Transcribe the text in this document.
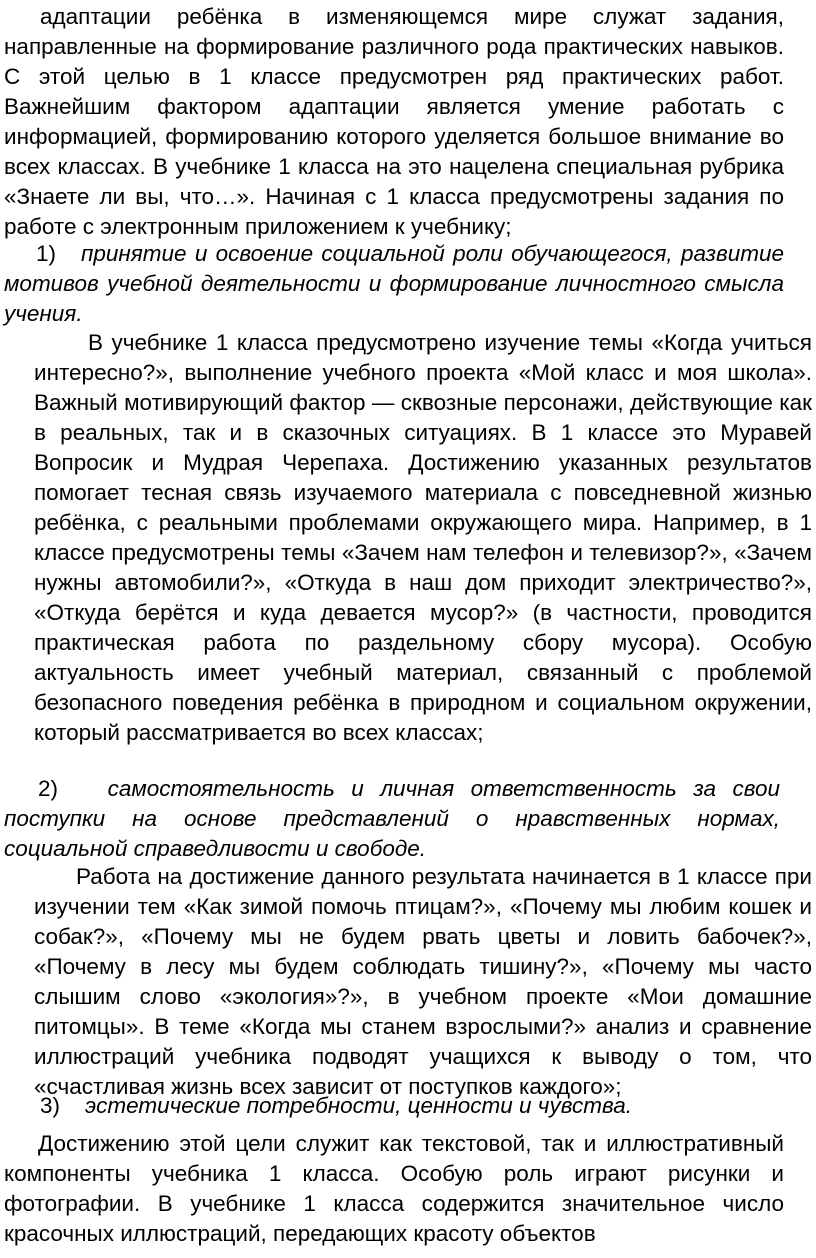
адаптации ребёнка в изменяющемся мире служат задания, направленные на формирование различного рода практических навыков. С этой целью в 1 классе предусмотрен ряд практических работ. Важнейшим фактором адаптации является умение работать с информацией, формированию которого уделяется большое внимание во всех классах. В учебнике 1 класса на это нацелена специальная рубрика «Знаете ли вы, что…». Начиная с 1 класса предусмотрены задания по работе с электронным приложением к учебнику;

1) принятие и освоение социальной роли обучающегося, развитие мотивов учебной деятельности и формирование личностного смысла учения.

В учебнике 1 класса предусмотрено изучение темы «Когда учиться интересно?», выполнение учебного проекта «Мой класс и моя школа». Важный мотивирующий фактор — сквозные персонажи, действующие как в реальных, так и в сказочных ситуациях. В 1 классе это Муравей Вопросик и Мудрая Черепаха. Достижению указанных результатов помогает тесная связь изучаемого материала с повседневной жизнью ребёнка, с реальными проблемами окружающего мира. Например, в 1 классе предусмотрены темы «Зачем нам телефон и телевизор?», «Зачем нужны автомобили?», «Откуда в наш дом приходит электричество?», «Откуда берётся и куда девается мусор?» (в частности, проводится практическая работа по раздельному сбору мусора). Особую актуальность имеет учебный материал, связанный с проблемой безопасного поведения ребёнка в природном и социальном окружении, который рассматривается во всех классах;

2) самостоятельность и личная ответственность за свои поступки на основе представлений о нравственных нормах, социальной справедливости и свободе.

Работа на достижение данного результата начинается в 1 классе при изучении тем «Как зимой помочь птицам?», «Почему мы любим кошек и собак?», «Почему мы не будем рвать цветы и ловить бабочек?», «Почему в лесу мы будем соблюдать тишину?», «Почему мы часто слышим слово «экология»?», в учебном проекте «Мои домашние питомцы». В теме «Когда мы станем взрослыми?» анализ и сравнение иллюстраций учебника подводят учащихся к выводу о том, что «счастливая жизнь всех зависит от поступков каждого»;

3) эстетические потребности, ценности и чувства.

Достижению этой цели служит как текстовой, так и иллюстративный компоненты учебника 1 класса. Особую роль играют рисунки и фотографии. В учебнике 1 класса содержится значительное число красочных иллюстраций, передающих красоту объектов
